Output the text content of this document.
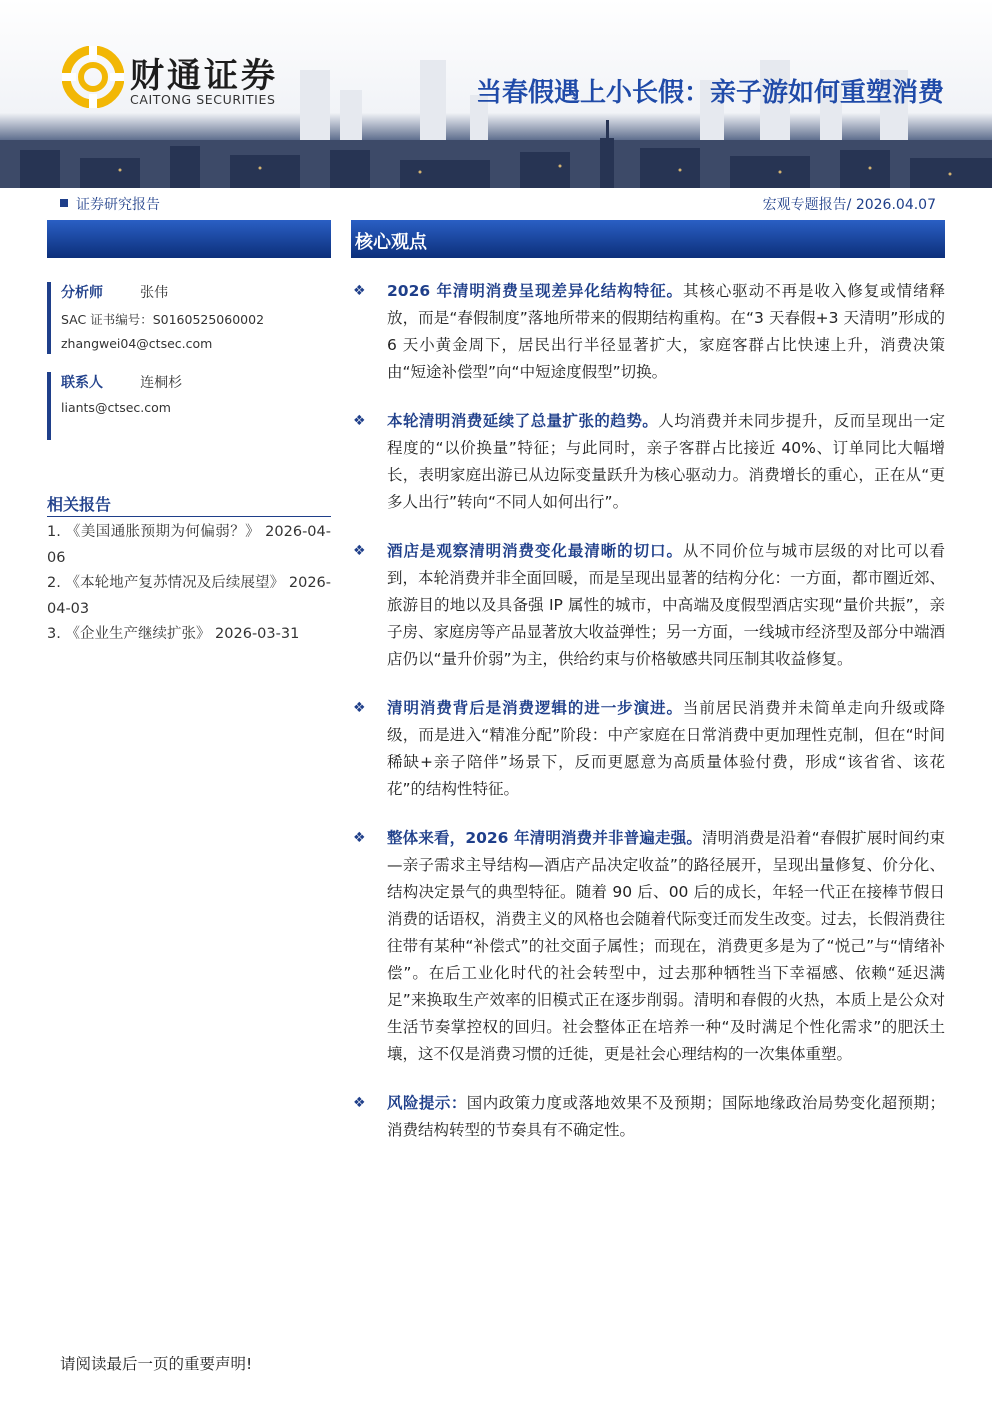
财通证券
CAITONG SECURITIES	当春假遇上小长假：亲子游如何重塑消费
证券研究报告	宏观专题报告/ 2026.04.07
核心观点
分析师	张伟
SAC 证书编号：S0160525060002
zhangwei04@ctsec.com
联系人	连桐杉
liants@ctsec.com
相关报告
1. 《美国通胀预期为何偏弱？》 2026-04-06
2. 《本轮地产复苏情况及后续展望》 2026-04-03
3. 《企业生产继续扩张》 2026-03-31
❖ 2026 年清明消费呈现差异化结构特征。其核心驱动不再是收入修复或情绪释放，而是“春假制度”落地所带来的假期结构重构。在“3 天春假+3 天清明”形成的 6 天小黄金周下，居民出行半径显著扩大，家庭客群占比快速上升，消费决策由“短途补偿型”向“中短途度假型”切换。
❖ 本轮清明消费延续了总量扩张的趋势。人均消费并未同步提升，反而呈现出一定程度的“以价换量”特征；与此同时，亲子客群占比接近 40%、订单同比大幅增长，表明家庭出游已从边际变量跃升为核心驱动力。消费增长的重心，正在从“更多人出行”转向“不同人如何出行”。
❖ 酒店是观察清明消费变化最清晰的切口。从不同价位与城市层级的对比可以看到，本轮消费并非全面回暖，而是呈现出显著的结构分化：一方面，都市圈近郊、旅游目的地以及具备强 IP 属性的城市，中高端及度假型酒店实现“量价共振”，亲子房、家庭房等产品显著放大收益弹性；另一方面，一线城市经济型及部分中端酒店仍以“量升价弱”为主，供给约束与价格敏感共同压制其收益修复。
❖ 清明消费背后是消费逻辑的进一步演进。当前居民消费并未简单走向升级或降级，而是进入“精准分配”阶段：中产家庭在日常消费中更加理性克制，但在“时间稀缺+亲子陪伴”场景下，反而更愿意为高质量体验付费，形成“该省省、该花花”的结构性特征。
❖ 整体来看，2026 年清明消费并非普遍走强。清明消费是沿着“春假扩展时间约束—亲子需求主导结构—酒店产品决定收益”的路径展开，呈现出量修复、价分化、结构决定景气的典型特征。随着 90 后、00 后的成长，年轻一代正在接棒节假日消费的话语权，消费主义的风格也会随着代际变迁而发生改变。过去，长假消费往往带有某种“补偿式”的社交面子属性；而现在，消费更多是为了“悦己”与“情绪补偿”。在后工业化时代的社会转型中，过去那种牺牲当下幸福感、依赖“延迟满足”来换取生产效率的旧模式正在逐步削弱。清明和春假的火热，本质上是公众对生活节奏掌控权的回归。社会整体正在培养一种“及时满足个性化需求”的肥沃土壤，这不仅是消费习惯的迁徙，更是社会心理结构的一次集体重塑。
❖ 风险提示：国内政策力度或落地效果不及预期；国际地缘政治局势变化超预期；消费结构转型的节奏具有不确定性。
请阅读最后一页的重要声明!
